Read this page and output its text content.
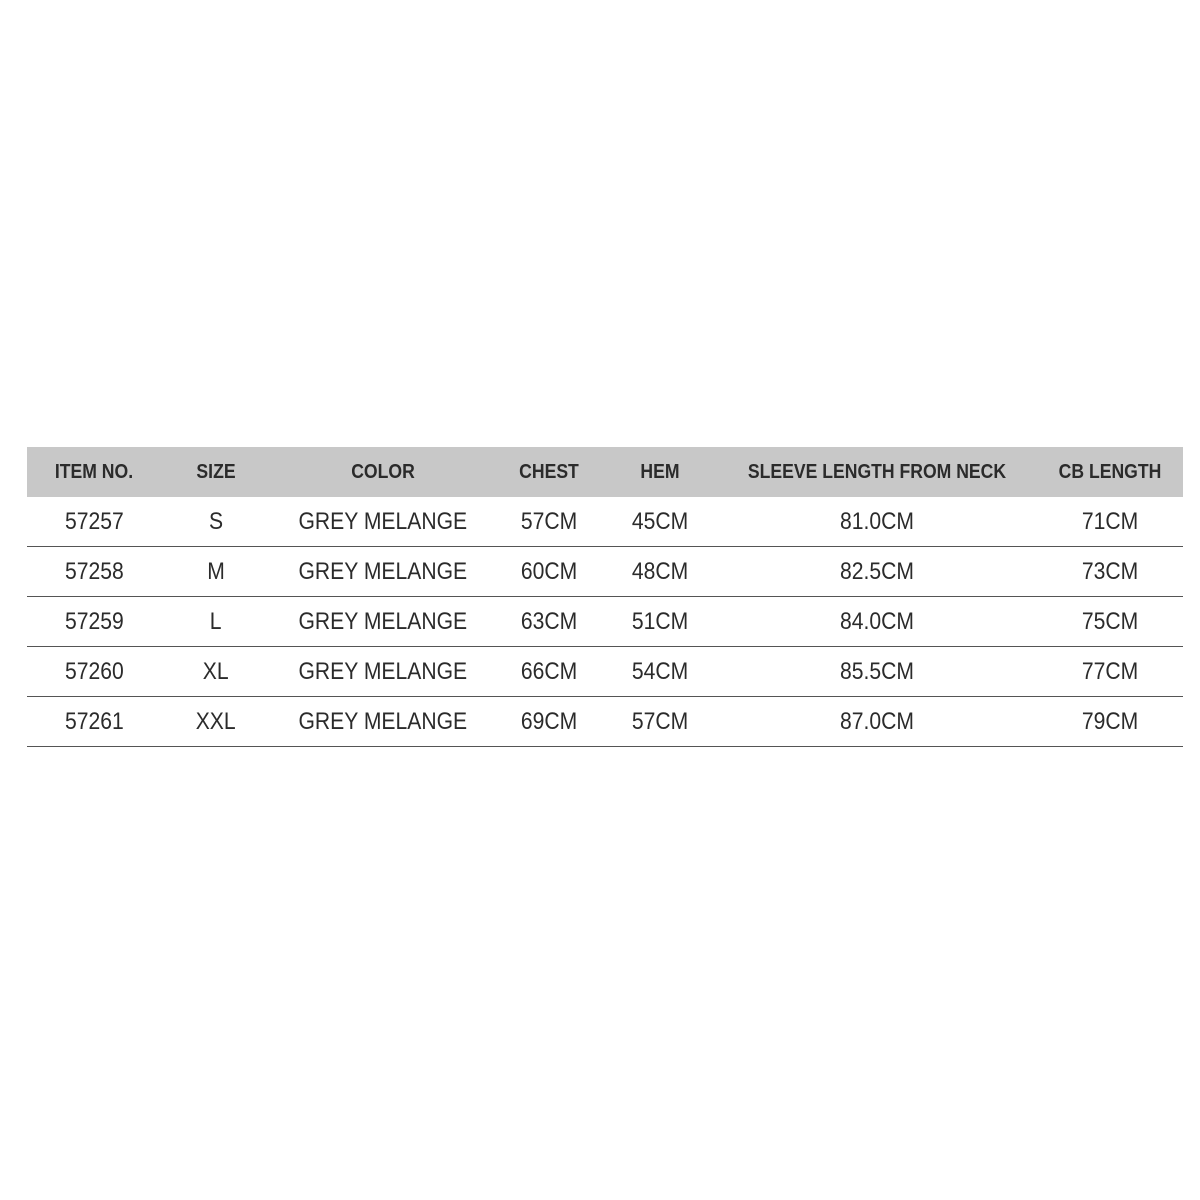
ITEM NO.	SIZE	COLOR	CHEST	HEM	SLEEVE LENGTH FROM NECK	CB LENGTH
57257	S	GREY MELANGE	57CM	45CM	81.0CM	71CM
57258	M	GREY MELANGE	60CM	48CM	82.5CM	73CM
57259	L	GREY MELANGE	63CM	51CM	84.0CM	75CM
57260	XL	GREY MELANGE	66CM	54CM	85.5CM	77CM
57261	XXL	GREY MELANGE	69CM	57CM	87.0CM	79CM
